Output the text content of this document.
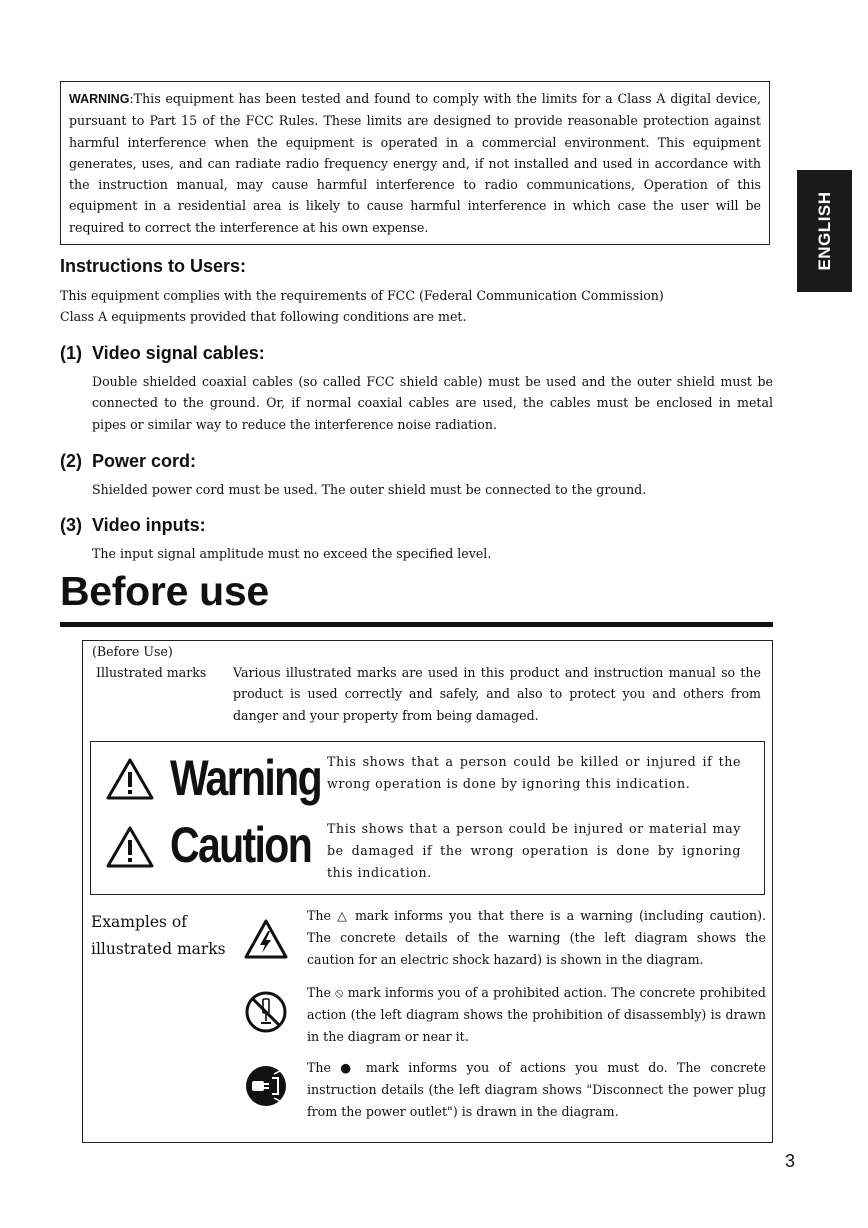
WARNING:This equipment has been tested and found to comply with the limits for a Class A digital device, pursuant to Part 15 of the FCC Rules. These limits are designed to provide reasonable protection against harmful interference when the equipment is operated in a commercial environment. This equipment generates, uses, and can radiate radio frequency energy and, if not installed and used in accordance with the instruction manual, may cause harmful interference to radio communications, Operation of this equipment in a residential area is likely to cause harmful interference in which case the user will be required to correct the interference at his own expense.	ENGLISH
Instructions to Users:
This equipment complies with the requirements of FCC (Federal Communication Commission)
Class A equipments provided that following conditions are met.
(1) Video signal cables:

Double shielded coaxial cables (so called FCC shield cable) must be used and the outer shield must be connected to the ground. Or, if normal coaxial cables are used, the cables must be enclosed in metal pipes or similar way to reduce the interference noise radiation.

(2) Power cord:

Shielded power cord must be used. The outer shield must be connected to the ground.

(3) Video inputs:

The input signal amplitude must no exceed the specified level.

Before use
(Before Use)
Illustrated marks Various illustrated marks are used in this product and instruction manual so the product is used correctly and safely, and also to protect you and others from danger and your property from being damaged.
Warning This shows that a person could be killed or injured if the wrong operation is done by ignoring this indication.
Caution This shows that a person could be injured or material may be damaged if the wrong operation is done by ignoring this indication.
Examples of
illustrated marks
The △ mark informs you that there is a warning (including caution). The concrete details of the warning (the left diagram shows the caution for an electric shock hazard) is shown in the diagram.
The ⦸ mark informs you of a prohibited action. The concrete prohibited action (the left diagram shows the prohibition of disassembly) is drawn in the diagram or near it.
The ● mark informs you of actions you must do. The concrete instruction details (the left diagram shows "Disconnect the power plug from the power outlet") is drawn in the diagram.
3
